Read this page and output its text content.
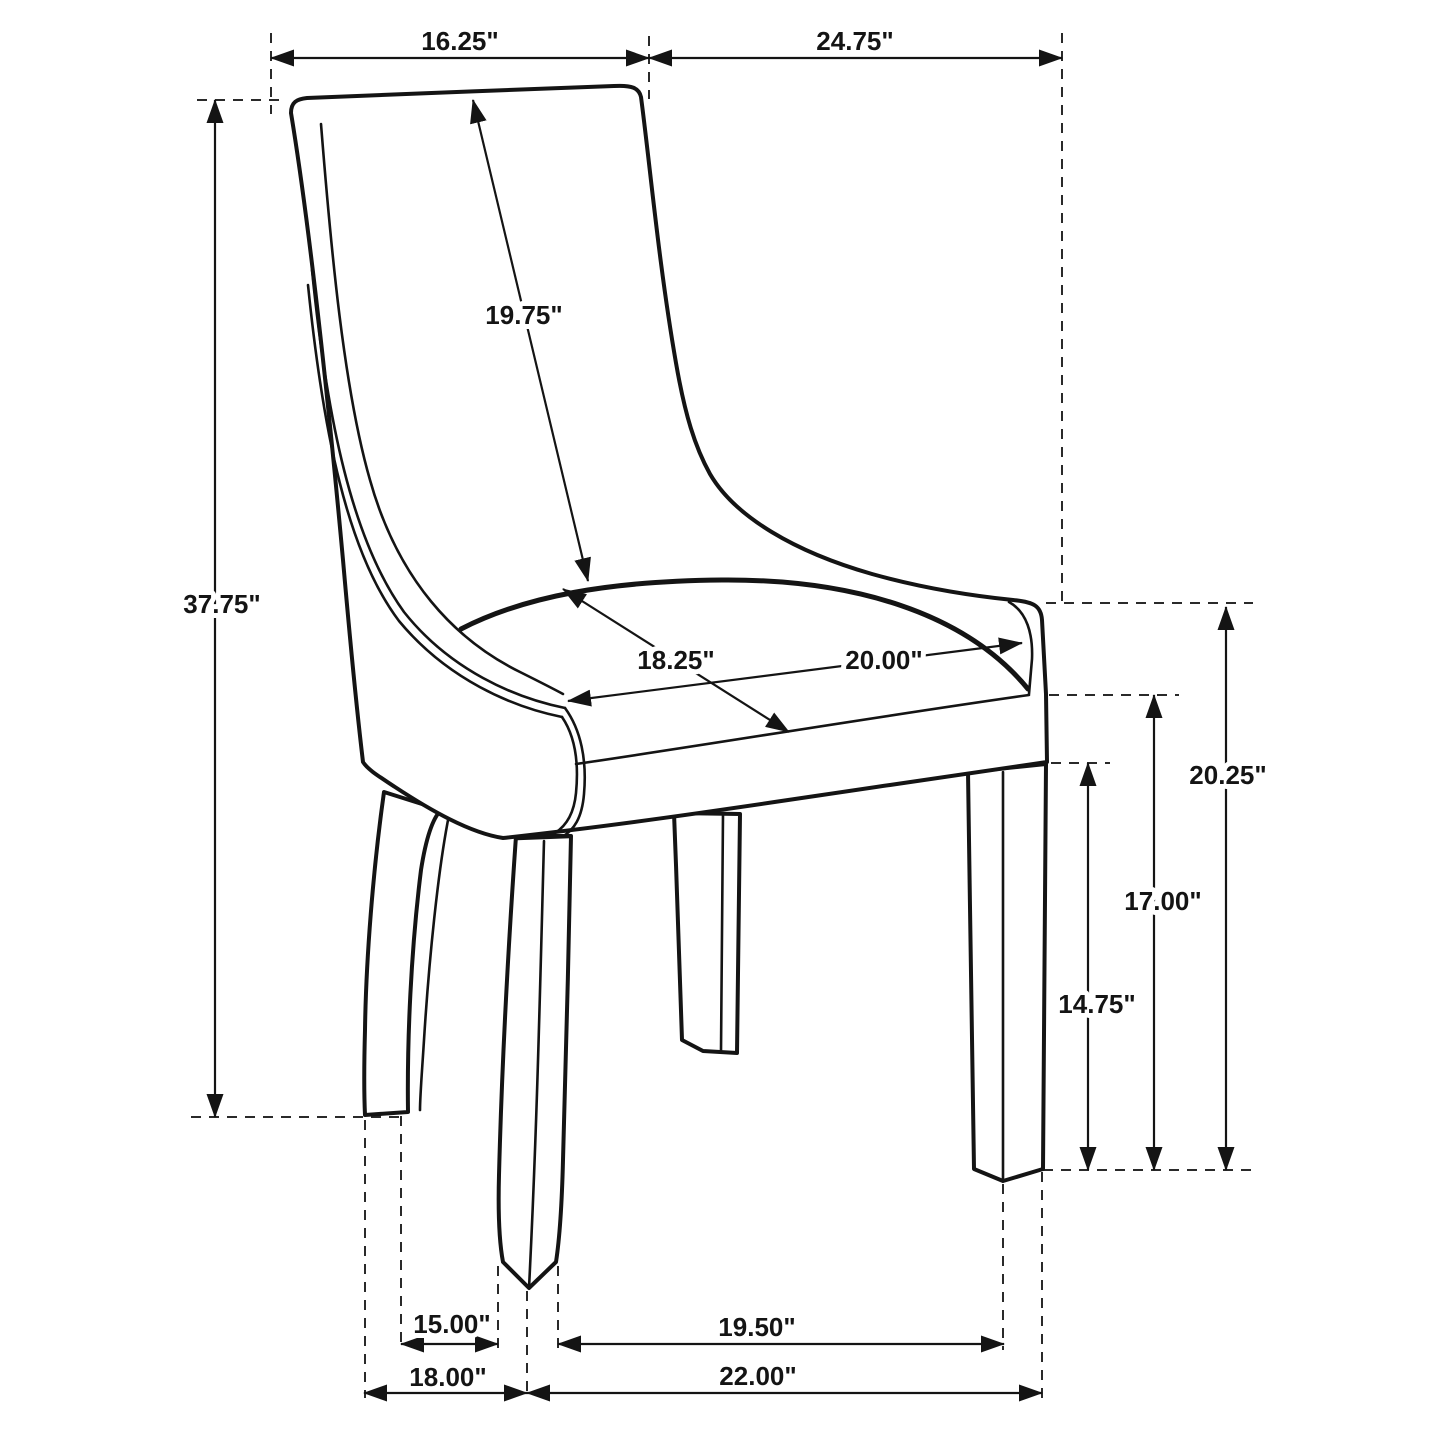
16.25"	24.75"
37.75"
19.75"
18.25"	20.00"
20.25"
17.00"
14.75"
15.00"	19.50"
18.00"	22.00"
